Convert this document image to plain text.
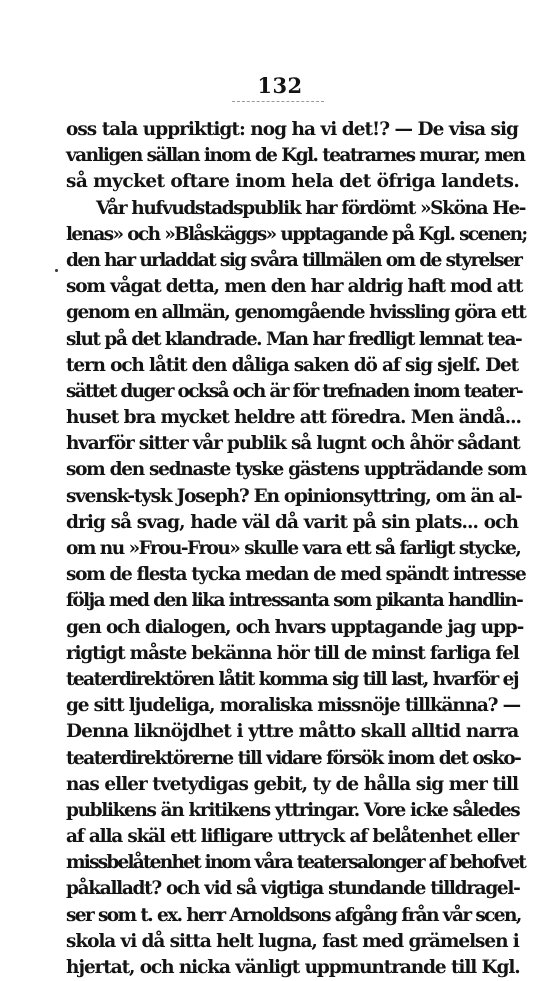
132
oss tala uppriktigt: nog ha vi det!? — De visa sig
vanligen sällan inom de Kgl. teatrarnes murar, men
så mycket oftare inom hela det öfriga landets.
Vår hufvudstadspublik har fördömt »Sköna He-
lenas» och »Blåskäggs» upptagande på Kgl. scenen;
den har urladdat sig svåra tillmälen om de styrelser
som vågat detta, men den har aldrig haft mod att
genom en allmän, genomgående hvissling göra ett
slut på det klandrade. Man har fredligt lemnat tea-
tern och låtit den dåliga saken dö af sig sjelf. Det
sättet duger också och är för trefnaden inom teater-
huset bra mycket heldre att föredra. Men ändå...
hvarför sitter vår publik så lugnt och åhör sådant
som den sednaste tyske gästens uppträdande som
svensk-tysk Joseph? En opinionsyttring, om än al-
drig så svag, hade väl då varit på sin plats... och
om nu »Frou-Frou» skulle vara ett så farligt stycke,
som de flesta tycka medan de med spändt intresse
följa med den lika intressanta som pikanta handlin-
gen och dialogen, och hvars upptagande jag upp-
rigtigt måste bekänna hör till de minst farliga fel
teaterdirektören låtit komma sig till last, hvarför ej
ge sitt ljudeliga, moraliska missnöje tillkänna? —
Denna liknöjdhet i yttre måtto skall alltid narra
teaterdirektörerne till vidare försök inom det osko-
nas eller tvetydigas gebit, ty de hålla sig mer till
publikens än kritikens yttringar. Vore icke således
af alla skäl ett lifligare uttryck af belåtenhet eller
missbelåtenhet inom våra teatersalonger af behofvet
påkalladt? och vid så vigtiga stundande tilldragel-
ser som t. ex. herr Arnoldsons afgång från vår scen,
skola vi då sitta helt lugna, fast med grämelsen i
hjertat, och nicka vänligt uppmuntrande till Kgl.
